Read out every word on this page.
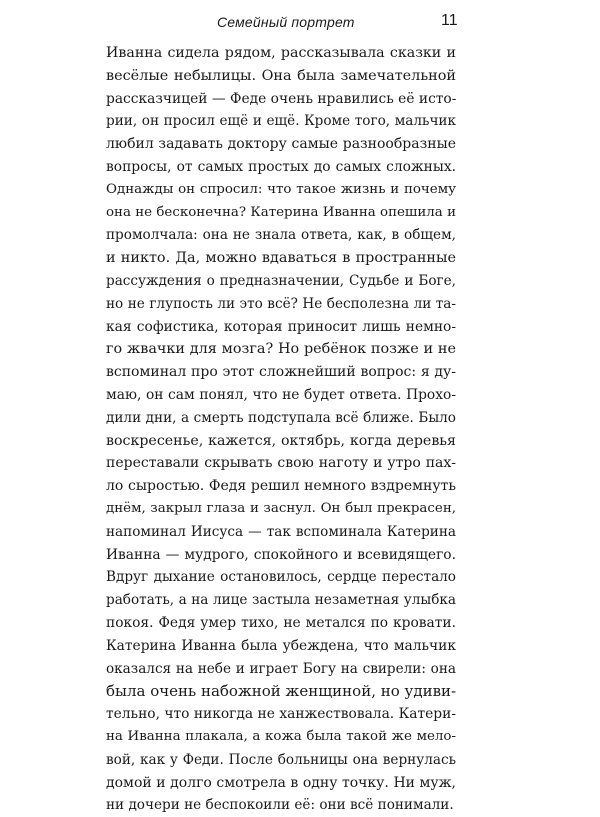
Семейный портрет	11
Иванна сидела рядом, рассказывала сказки и
весёлые небылицы. Она была замечательной
рассказчицей — Феде очень нравились её исто-
рии, он просил ещё и ещё. Кроме того, мальчик
любил задавать доктору самые разнообразные
вопросы, от самых простых до самых сложных.
Однажды он спросил: что такое жизнь и почему
она не бесконечна? Катерина Иванна опешила и
промолчала: она не знала ответа, как, в общем,
и никто. Да, можно вдаваться в пространные
рассуждения о предназначении, Судьбе и Боге,
но не глупость ли это всё? Не бесполезна ли та-
кая софистика, которая приносит лишь немно-
го жвачки для мозга? Но ребёнок позже и не
вспоминал про этот сложнейший вопрос: я ду-
маю, он сам понял, что не будет ответа. Прохо-
дили дни, а смерть подступала всё ближе. Было
воскресенье, кажется, октябрь, когда деревья
переставали скрывать свою наготу и утро пах-
ло сыростью. Федя решил немного вздремнуть
днём, закрыл глаза и заснул. Он был прекрасен,
напоминал Иисуса — так вспоминала Катерина
Иванна — мудрого, спокойного и всевидящего.
Вдруг дыхание остановилось, сердце перестало
работать, а на лице застыла незаметная улыбка
покоя. Федя умер тихо, не метался по кровати.
Катерина Иванна была убеждена, что мальчик
оказался на небе и играет Богу на свирели: она
была очень набожной женщиной, но удиви-
тельно, что никогда не ханжествовала. Катери-
на Иванна плакала, а кожа была такой же мело-
вой, как у Феди. После больницы она вернулась
домой и долго смотрела в одну точку. Ни муж,
ни дочери не беспокоили её: они всё понимали.
